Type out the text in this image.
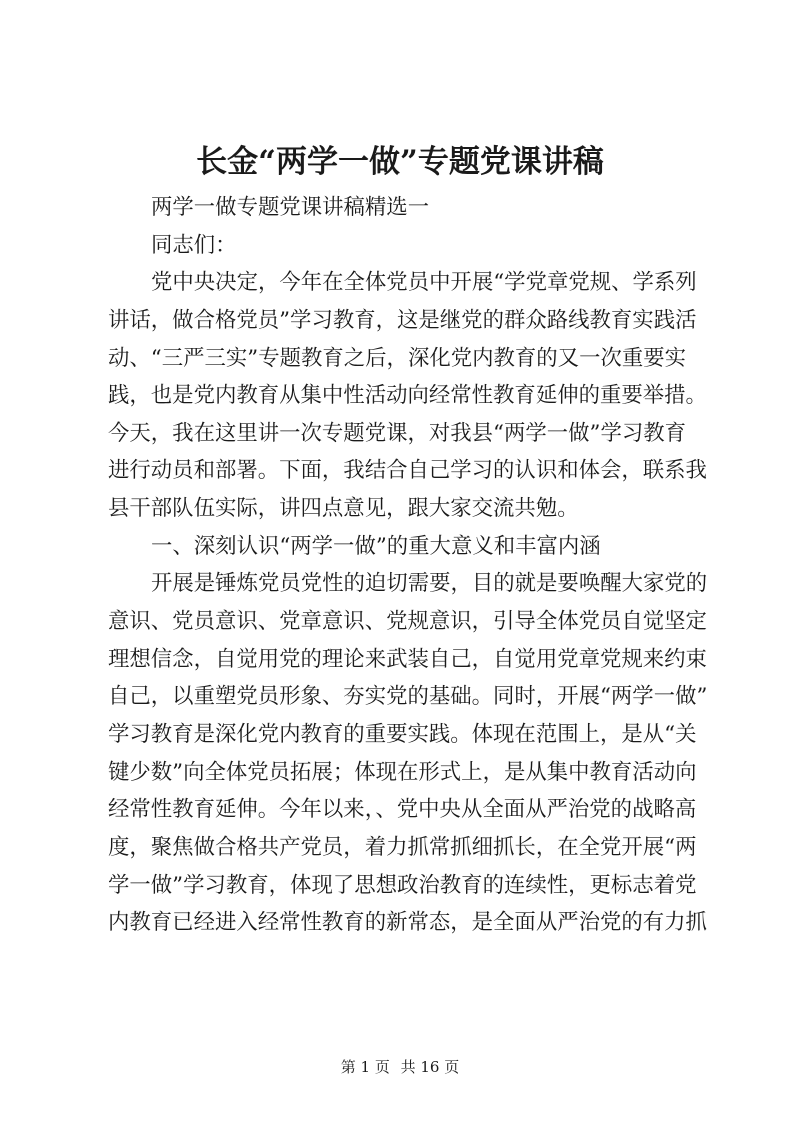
长金“两学一做”专题党课讲稿
两学一做专题党课讲稿精选一
同志们：
党中央决定，今年在全体党员中开展“学党章党规、学系列
讲话，做合格党员”学习教育，这是继党的群众路线教育实践活
动、“三严三实”专题教育之后，深化党内教育的又一次重要实
践，也是党内教育从集中性活动向经常性教育延伸的重要举措。
今天，我在这里讲一次专题党课，对我县“两学一做”学习教育
进行动员和部署。下面，我结合自己学习的认识和体会，联系我
县干部队伍实际，讲四点意见，跟大家交流共勉。
一、深刻认识“两学一做”的重大意义和丰富内涵
开展是锤炼党员党性的迫切需要，目的就是要唤醒大家党的
意识、党员意识、党章意识、党规意识，引导全体党员自觉坚定
理想信念，自觉用党的理论来武装自己，自觉用党章党规来约束
自己，以重塑党员形象、夯实党的基础。同时，开展“两学一做”
学习教育是深化党内教育的重要实践。体现在范围上，是从“关
键少数”向全体党员拓展；体现在形式上，是从集中教育活动向
经常性教育延伸。今年以来，、党中央从全面从严治党的战略高
度，聚焦做合格共产党员，着力抓常抓细抓长，在全党开展“两
学一做”学习教育，体现了思想政治教育的连续性，更标志着党
内教育已经进入经常性教育的新常态，是全面从严治党的有力抓
第 1 页 共 16 页
